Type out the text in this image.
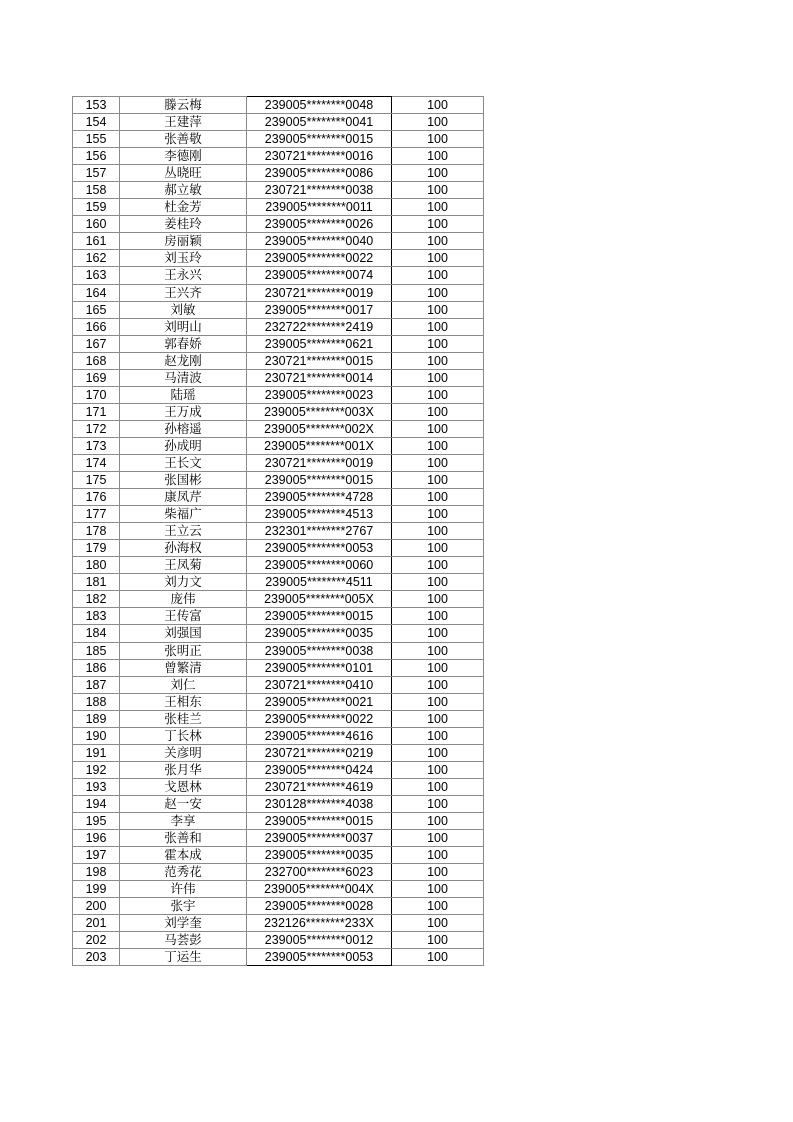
153	滕云梅	239005********0048	100
154	王建萍	239005********0041	100
155	张善敬	239005********0015	100
156	李德刚	230721********0016	100
157	丛晓旺	239005********0086	100
158	郝立敏	230721********0038	100
159	杜金芳	239005********0011	100
160	姜桂玲	239005********0026	100
161	房丽颖	239005********0040	100
162	刘玉玲	239005********0022	100
163	王永兴	239005********0074	100
164	王兴齐	230721********0019	100
165	刘敏	239005********0017	100
166	刘明山	232722********2419	100
167	郭春娇	239005********0621	100
168	赵龙刚	230721********0015	100
169	马清波	230721********0014	100
170	陆瑶	239005********0023	100
171	王万成	239005********003X	100
172	孙榕遥	239005********002X	100
173	孙成明	239005********001X	100
174	王长文	230721********0019	100
175	张国彬	239005********0015	100
176	康凤芹	239005********4728	100
177	柴福广	239005********4513	100
178	王立云	232301********2767	100
179	孙海权	239005********0053	100
180	王凤菊	239005********0060	100
181	刘力文	239005********4511	100
182	庞伟	239005********005X	100
183	王传富	239005********0015	100
184	刘强国	239005********0035	100
185	张明正	239005********0038	100
186	曾繁清	239005********0101	100
187	刘仁	230721********0410	100
188	王相东	239005********0021	100
189	张桂兰	239005********0022	100
190	丁长林	239005********4616	100
191	关彦明	230721********0219	100
192	张月华	239005********0424	100
193	戈恩林	230721********4619	100
194	赵一安	230128********4038	100
195	李享	239005********0015	100
196	张善和	239005********0037	100
197	霍本成	239005********0035	100
198	范秀花	232700********6023	100
199	许伟	239005********004X	100
200	张宇	239005********0028	100
201	刘学奎	232126********233X	100
202	马荟彭	239005********0012	100
203	丁运生	239005********0053	100
